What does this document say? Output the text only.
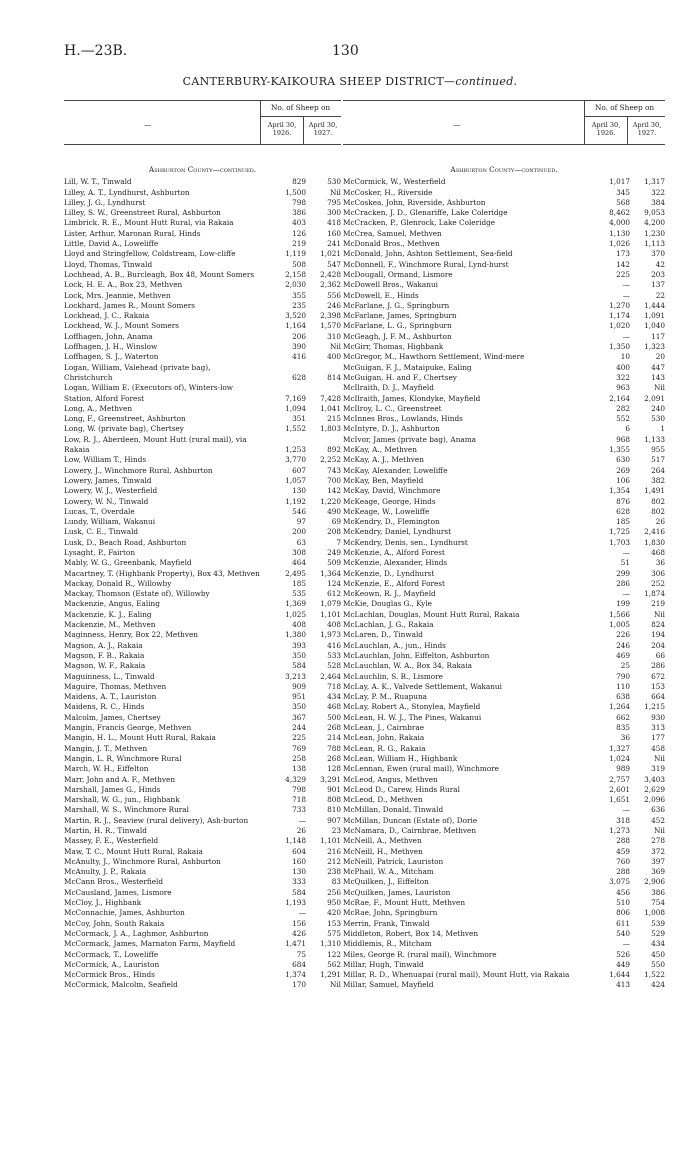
H.—23B.	130
CANTERBURY-KAIKOURA SHEEP DISTRICT—continued.
—
No. of Sheep on
April 30, 1926.
April 30, 1927.
Ashburton County—continued.
Lill, W. T., Tinwald	829	530
Lilley, A. T., Lyndhurst, Ashburton	1,500	Nil
Lilley, J. G., Lyndhurst	798	795
Lilley, S. W., Greenstreet Rural, Ashburton	386	300
Limbrick, R. E., Mount Hutt Rural, via Rakaia	403	418
Lister, Arthur, Maronan Rural, Hinds	126	160
Little, David A., Loweliffe	219	241
Lloyd and Stringfellow, Coldstream, Low-cliffe	1,119	1,021
Lloyd, Thomas, Tinwald	508	547
Lochhead, A. B., Burcleagh, Box 48, Mount Somers	2,158	2,428
Lock, H. E. A., Box 23, Methven	2,030	2,362
Lock, Mrs. Jeannie, Methven	355	556
Lockhard, James R., Mount Somers	235	246
Lockhead, J. C., Rakaia	3,520	2,398
Lockhead, W. J., Mount Somers	1,164	1,570
Loffhagen, John, Anama	206	310
Loffhagen, J. H., Winslow	390	Nil
Loffhagen, S. J., Waterton	416	400
Logan, William, Valehead (private bag), Christchurch	628	814
Logan, William E. (Executors of), Winters-low Station, Alford Forest	7,169	7,428
Long, A., Methven	1,094	1,041
Long, F., Greenstreet, Ashburton	351	215
Long, W. (private bag), Chertsey	1,552	1,803
Low, R. J., Aberdeen, Mount Hutt (rural mail), via Rakaia	1,253	892
Low, William T., Hinds	3,770	2,252
Lowery, J., Winchmore Rural, Ashburton	607	743
Lowery, James, Tinwald	1,057	700
Lowery, W. J., Westerfield	130	142
Lowery, W. N., Tinwald	1,192	1,220
Lucas, T., Overdale	546	490
Lundy, William, Wakanui	97	69
Lusk, C. E., Tinwald	200	208
Lusk, D., Beach Road, Ashburton	63	7
Lysaght, P., Fairton	308	249
Mably, W. G., Greenbank, Mayfield	464	509
Macartney, T. (Highbank Property), Box 43, Methven	2,495	1,364
Mackay, Donald R., Willowby	185	124
Mackay, Thomson (Estate of), Willowby	535	612
Mackenzie, Angus, Ealing	1,369	1,079
Mackenzie, K. J., Ealing	1,025	1,101
Mackenzie, M., Methven	408	408
Maginness, Henry, Box 22, Methven	1,380	1,973
Magson, A. J., Rakaia	393	416
Magson, F. B., Rakaia	350	533
Magson, W. F., Rakaia	584	528
Maguinness, L., Tinwald	3,213	2,464
Maguire, Thomas, Methven	909	718
Maidens, A. T., Lauriston	951	434
Maidens, R. C., Hinds	350	468
Malcolm, James, Chertsey	367	500
Mangin, Francis George, Methven	244	268
Mangin, H. L., Mount Hutt Rural, Rakaia	225	214
Mangin, J. T., Methven	769	788
Mangin, L. R, Winchmore Rural	258	268
March, W. H., Eiffelton	138	128
Marr, John and A. F., Methven	4,329	3,291
Marshall, James G., Hinds	798	901
Marshall, W. G., jun., Highbank	718	808
Marshall, W. S., Winchmore Rural	733	810
Martin, R. J., Seaview (rural delivery), Ash-burton	—	907
Martin, H. R., Tinwald	26	23
Massey, F. E., Westerfield	1,148	1,101
Maw, T. C., Mount Hutt Rural, Rakaia	604	216
McAnulty, J., Winchmore Rural, Ashburton	160	212
McAnulty, J. P., Rakaia	130	238
McCann Bros., Westerfield	333	83
McCausland, James, Lismore	584	256
McCloy, J., Highbank	1,193	950
McConnachie, James, Ashburton	—	420
McCoy, John, South Rakaia	156	153
McCormack, J. A., Laghmor, Ashburton	426	575
McCormack, James, Marnaton Farm, Mayfield	1,471	1,310
McCormack, T., Loweliffe	75	122
McCormick, A., Lauriston	684	562
McCormick Bros., Hinds	1,374	1,291
McCormick, Malcolm, Seafield	170	Nil
—
No. of Sheep on
April 30, 1926.
April 30, 1927.
Ashburton County—continued.
McCormick, W., Westerfield	1,017	1,317
McCosker, H., Riverside	345	322
McCoskea, John, Riverside, Ashburton	568	384
McCracken, J. D., Glenariffe, Lake Coleridge	8,462	9,053
McCracken, P., Glenrock, Lake Coleridge	4,000	4,200
McCrea, Samuel, Methven	1,130	1,230
McDonald Bros., Methven	1,026	1,113
McDonald, John, Ashton Settlement, Sea-field	173	370
McDonnell, F., Winchmore Rural, Lynd-hurst	142	42
McDougall, Ormand, Lismore	225	203
McDowell Bros., Wakanui	—	137
McDowell, E., Hinds	—	22
McFarlane, J. G., Springburn	1,270	1,444
McFarlane, James, Springburn	1,174	1,091
McFarlane, L. G., Springburn	1,020	1,040
McGeagh, J. F. M., Ashburton	—	117
McGirr, Thomas, Highbank	1,350	1,323
McGregor, M., Hawthorn Settlement, Wind-mere	10	20
McGuigan, F. J., Mataipuke, Ealing	400	447
McGuigan, H. and F., Chertsey	322	143
McIlraith, D. J., Mayfield	963	Nil
McIlraith, James, Klondyke, Mayfield	2,164	2,091
McIlroy, L. C., Greenstreet	282	240
McInnes Bros., Lowlands, Hinds	552	530
McIntyre, D. J., Ashburton	6	1
McIvor, James (private bag), Anama	968	1,133
McKay, A., Methven	1,355	955
McKay, A. J., Methven	630	517
McKay, Alexander, Loweliffe	269	264
McKay, Ben, Mayfield	106	382
McKay, David, Winchmore	1,354	1,491
McKeage, George, Hinds	876	802
McKeage, W., Loweliffe	628	802
McKendry, D., Flemington	185	26
McKendry, Daniel, Lyndhurst	1,725	2,416
McKendry, Denis, sen., Lyndhurst	1,703	1,830
McKenzie, A., Alford Forest	—	468
McKenzie, Alexander, Hinds	51	36
McKenzie, D., Lyndhurst	299	306
McKenzie, E., Alford Forest	286	252
McKeown, R. J., Mayfield	—	1,874
McKie, Douglas G., Kyle	199	219
McLachlan, Douglas, Mount Hutt Rural, Rakaia	1,566	Nil
McLachlan, J. G., Rakaia	1,005	824
McLaren, D., Tinwald	226	194
McLauchlan, A., jun., Hinds	246	204
McLauchlan, John, Eiffelton, Ashburton	469	66
McLauchlan, W. A., Box 34, Rakaia	25	286
McLauchlin, S. B., Lismore	790	672
McLay, A. K., Valvede Settlement, Wakanui	110	153
McLay, P. M., Ruapuna	638	664
McLay, Robert A., Stonylea, Mayfield	1,264	1,215
McLean, H. W. J., The Pines, Wakanui	662	930
McLean, J., Cairnbrae	835	313
McLean, John, Rakaia	36	177
McLean, R. G., Rakaia	1,327	458
McLean, William H., Highbank	1,024	Nil
McLennan, Ewen (rural mail), Winchmore	989	319
McLeod, Angus, Methven	2,757	3,403
McLeod D., Carew, Hinds Rural	2,601	2,629
McLeod, D., Methven	1,651	2,096
McMillan, Donald, Tinwald	—	636
McMillan, Duncan (Estate of), Dorie	318	452
McNamara, D., Cairnbrae, Methven	1,273	Nil
McNeill, A., Methven	288	278
McNeill, H., Methven	459	372
McNeill, Patrick, Lauriston	760	397
McPhail, W. A., Mitcham	288	369
McQuilken, J., Eiffelton	3,075	2,906
McQuilken, James, Lauriston	456	386
McRae, F., Mount Hutt, Methven	510	754
McRae, John, Springburn	806	1,008
Merrin, Frank, Tinwald	611	539
Middleton, Robert, Box 14, Methven	540	529
Middlemis, R., Mitcham	—	434
Miles, George R. (rural mail), Winchmore	526	450
Millar, Hugh, Tinwald	449	550
Millar, R. D., Whenuapai (rural mail), Mount Hutt, via Rakaia	1,644	1,522
Millar, Samuel, Mayfield	413	424
